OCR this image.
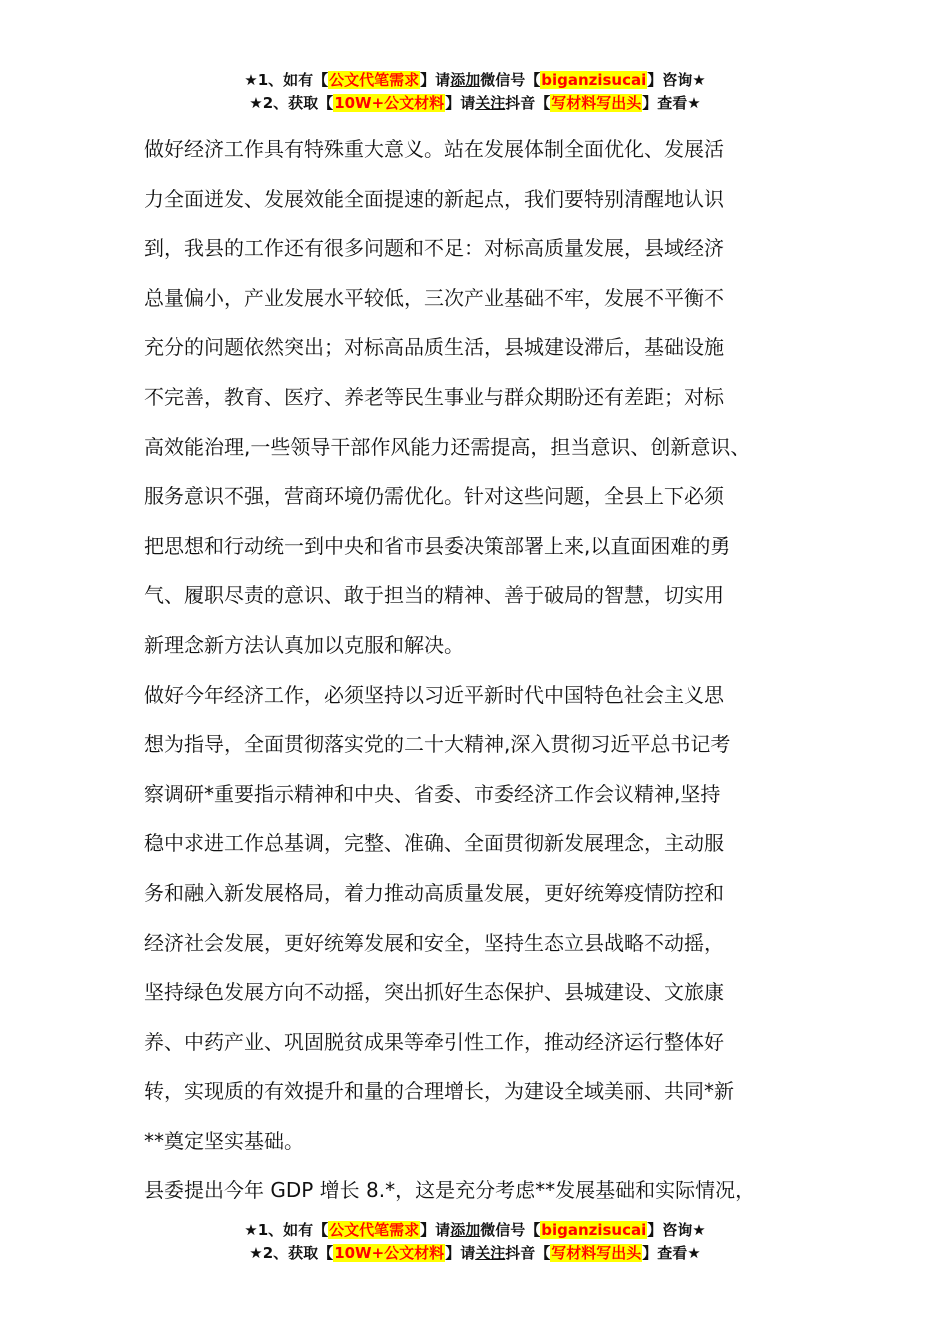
★1、如有【公文代笔需求】请添加微信号【biganzisucai】咨询★
★2、获取【10W+公文材料】请关注抖音【写材料写出头】查看★

做好经济工作具有特殊重大意义。站在发展体制全面优化、发展活

力全面迸发、发展效能全面提速的新起点，我们要特别清醒地认识

到，我县的工作还有很多问题和不足：对标高质量发展，县域经济

总量偏小，产业发展水平较低，三次产业基础不牢，发展不平衡不

充分的问题依然突出；对标高品质生活，县城建设滞后，基础设施

不完善，教育、医疗、养老等民生事业与群众期盼还有差距；对标

高效能治理,一些领导干部作风能力还需提高，担当意识、创新意识、

服务意识不强，营商环境仍需优化。针对这些问题，全县上下必须

把思想和行动统一到中央和省市县委决策部署上来,以直面困难的勇

气、履职尽责的意识、敢于担当的精神、善于破局的智慧，切实用

新理念新方法认真加以克服和解决。

做好今年经济工作，必须坚持以习近平新时代中国特色社会主义思

想为指导，全面贯彻落实党的二十大精神,深入贯彻习近平总书记考

察调研*重要指示精神和中央、省委、市委经济工作会议精神,坚持

稳中求进工作总基调，完整、准确、全面贯彻新发展理念，主动服

务和融入新发展格局，着力推动高质量发展，更好统筹疫情防控和

经济社会发展，更好统筹发展和安全，坚持生态立县战略不动摇，

坚持绿色发展方向不动摇，突出抓好生态保护、县城建设、文旅康

养、中药产业、巩固脱贫成果等牵引性工作，推动经济运行整体好

转，实现质的有效提升和量的合理增长，为建设全域美丽、共同*新

**奠定坚实基础。

县委提出今年 GDP 增长 8.*，这是充分考虑**发展基础和实际情况，

★1、如有【公文代笔需求】请添加微信号【biganzisucai】咨询★
★2、获取【10W+公文材料】请关注抖音【写材料写出头】查看★
